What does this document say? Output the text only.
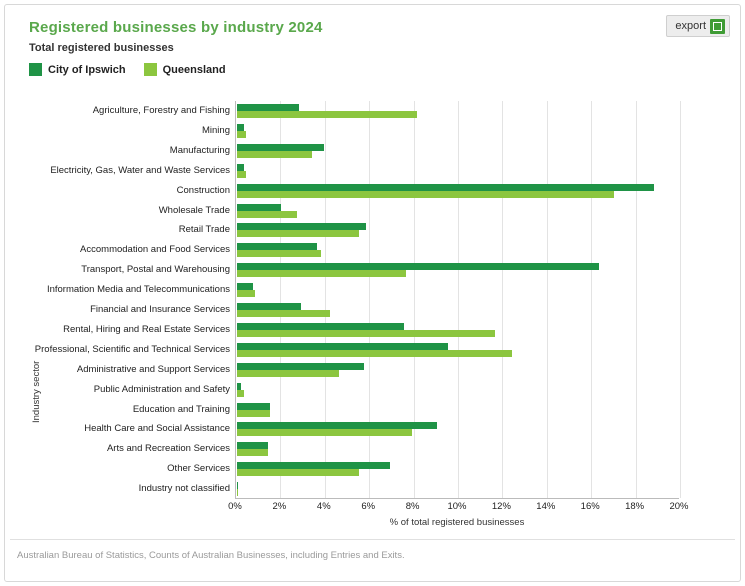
Registered businesses by industry 2024
Total registered businesses
City of Ipswich	Queensland
export
Industry sector
Agriculture, Forestry and Fishing
Mining
Manufacturing
Electricity, Gas, Water and Waste Services
Construction
Wholesale Trade
Retail Trade
Accommodation and Food Services
Transport, Postal and Warehousing
Information Media and Telecommunications
Financial and Insurance Services
Rental, Hiring and Real Estate Services
Professional, Scientific and Technical Services
Administrative and Support Services
Public Administration and Safety
Education and Training
Health Care and Social Assistance
Arts and Recreation Services
Other Services
Industry not classified
0%	2%	4%	6%	8%	10%	12%	14%	16%	18%	20%
% of total registered businesses
Australian Bureau of Statistics, Counts of Australian Businesses, including Entries and Exits.
